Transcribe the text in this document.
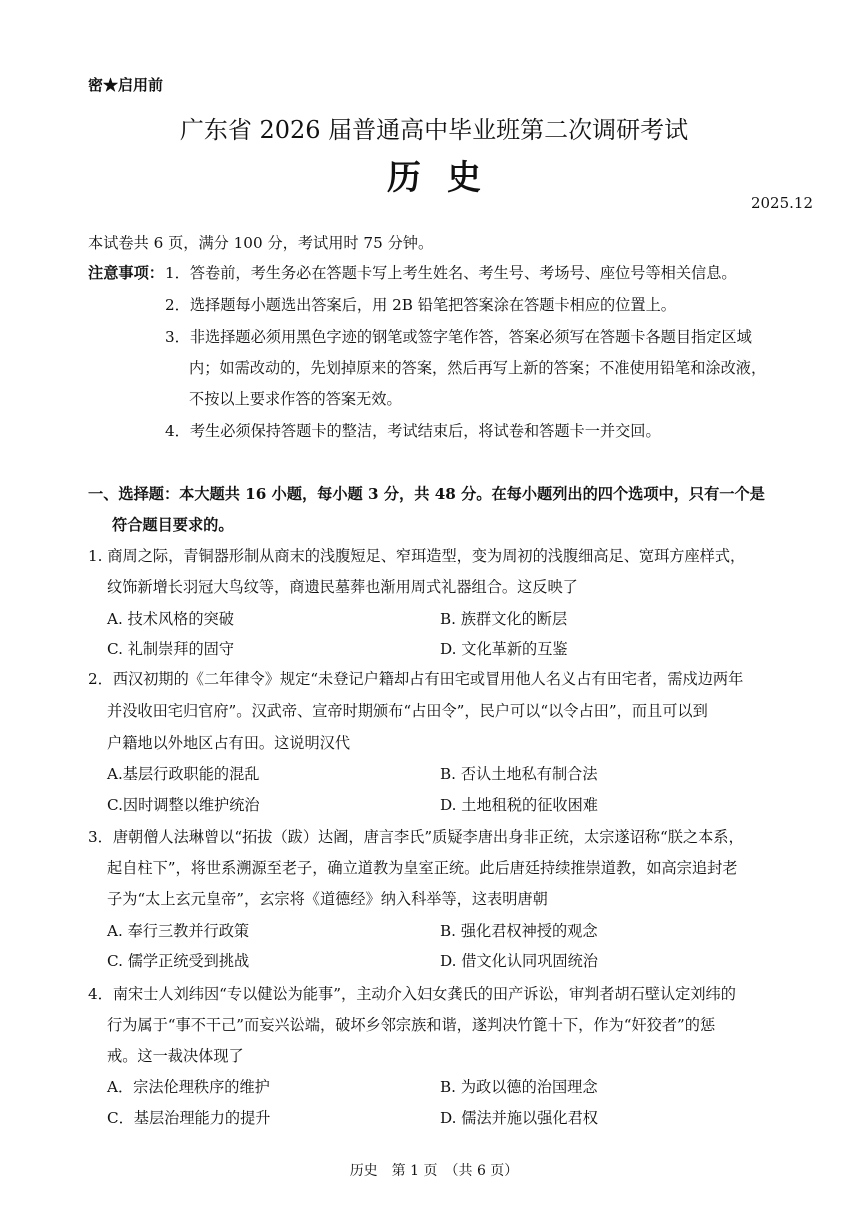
密★启用前
广东省 2026 届普通高中毕业班第二次调研考试
历史
2025.12
本试卷共 6 页，满分 100 分，考试用时 75 分钟。
注意事项： 1．答卷前，考生务必在答题卡写上考生姓名、考生号、考场号、座位号等相关信息。
2．选择题每小题选出答案后，用 2B 铅笔把答案涂在答题卡相应的位置上。
3．非选择题必须用黑色字迹的钢笔或签字笔作答，答案必须写在答题卡各题目指定区域
内；如需改动的，先划掉原来的答案，然后再写上新的答案；不准使用铅笔和涂改液，
不按以上要求作答的答案无效。
4．考生必须保持答题卡的整洁，考试结束后，将试卷和答题卡一并交回。
一、选择题：本大题共 16 小题，每小题 3 分，共 48 分。在每小题列出的四个选项中，只有一个是
符合题目要求的。
1. 商周之际，青铜器形制从商末的浅腹短足、窄珥造型，变为周初的浅腹细高足、宽珥方座样式，
纹饰新增长羽冠大鸟纹等，商遗民墓葬也渐用周式礼器组合。这反映了
A. 技术风格的突破	B. 族群文化的断层
C. 礼制崇拜的固守	D. 文化革新的互鉴
2．西汉初期的《二年律令》规定“未登记户籍却占有田宅或冒用他人名义占有田宅者，需戍边两年
并没收田宅归官府”。汉武帝、宣帝时期颁布“占田令”，民户可以“以令占田”，而且可以到
户籍地以外地区占有田。这说明汉代
A.基层行政职能的混乱	B. 否认土地私有制合法
C.因时调整以维护统治	D. 土地租税的征收困难
3．唐朝僧人法琳曾以“拓拔（跋）达阇，唐言李氏”质疑李唐出身非正统，太宗遂诏称“朕之本系，
起自柱下”，将世系溯源至老子，确立道教为皇室正统。此后唐廷持续推崇道教，如高宗追封老
子为“太上玄元皇帝”，玄宗将《道德经》纳入科举等，这表明唐朝
A. 奉行三教并行政策	B. 强化君权神授的观念
C. 儒学正统受到挑战	D. 借文化认同巩固统治
4．南宋士人刘纬因“专以健讼为能事”，主动介入妇女龚氏的田产诉讼，审判者胡石壁认定刘纬的
行为属于“事不干己”而妄兴讼端，破坏乡邻宗族和谐，遂判决竹篦十下，作为“奸狡者”的惩
戒。这一裁决体现了
A．宗法伦理秩序的维护	B. 为政以德的治国理念
C．基层治理能力的提升	D. 儒法并施以强化君权
历史　第 1 页　（共 6 页）
